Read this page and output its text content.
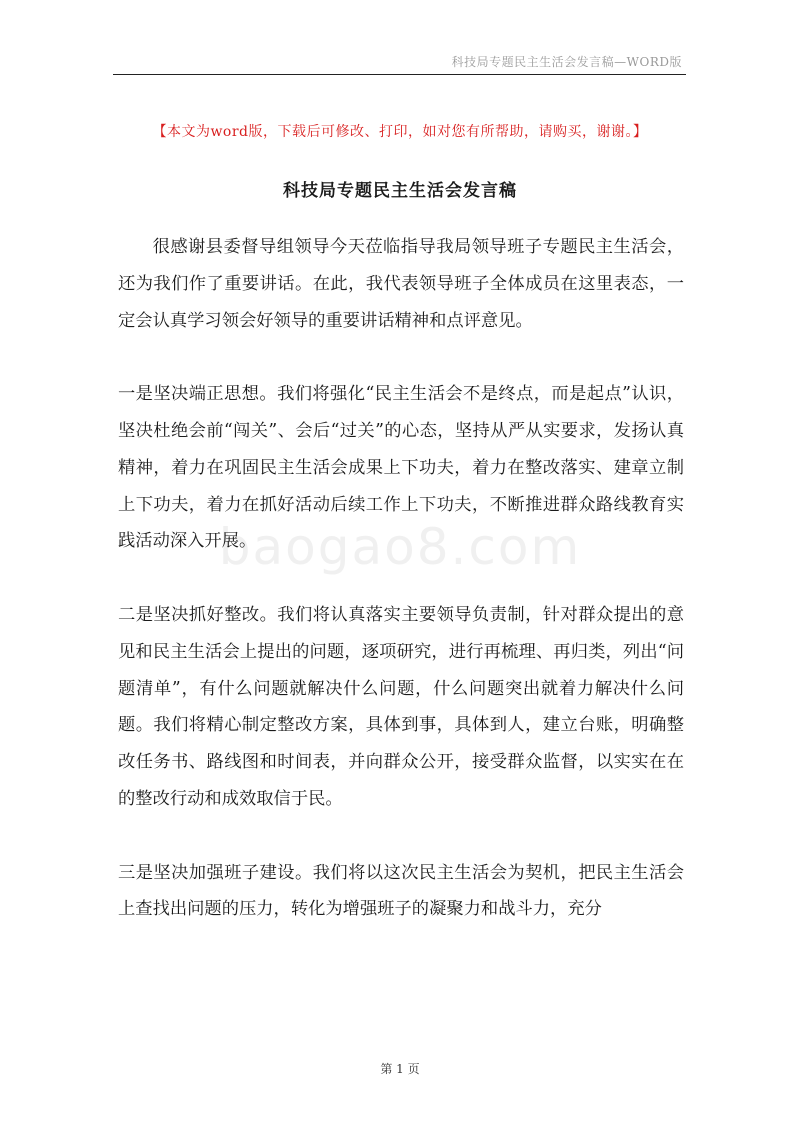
科技局专题民主生活会发言稿—WORD版
baogao8.com
【本文为word版，下载后可修改、打印，如对您有所帮助，请购买，谢谢。】
科技局专题民主生活会发言稿

很感谢县委督导组领导今天莅临指导我局领导班子专题民主生活会，还为我们作了重要讲话。在此，我代表领导班子全体成员在这里表态，一定会认真学习领会好领导的重要讲话精神和点评意见。

一是坚决端正思想。我们将强化“民主生活会不是终点，而是起点”认识，坚决杜绝会前“闯关”、会后“过关”的心态，坚持从严从实要求，发扬认真精神，着力在巩固民主生活会成果上下功夫，着力在整改落实、建章立制上下功夫，着力在抓好活动后续工作上下功夫，不断推进群众路线教育实践活动深入开展。

二是坚决抓好整改。我们将认真落实主要领导负责制，针对群众提出的意见和民主生活会上提出的问题，逐项研究，进行再梳理、再归类，列出“问题清单”，有什么问题就解决什么问题，什么问题突出就着力解决什么问题。我们将精心制定整改方案，具体到事，具体到人，建立台账，明确整改任务书、路线图和时间表，并向群众公开，接受群众监督，以实实在在的整改行动和成效取信于民。

三是坚决加强班子建设。我们将以这次民主生活会为契机，把民主生活会上查找出问题的压力，转化为增强班子的凝聚力和战斗力，充分

第 1 页
